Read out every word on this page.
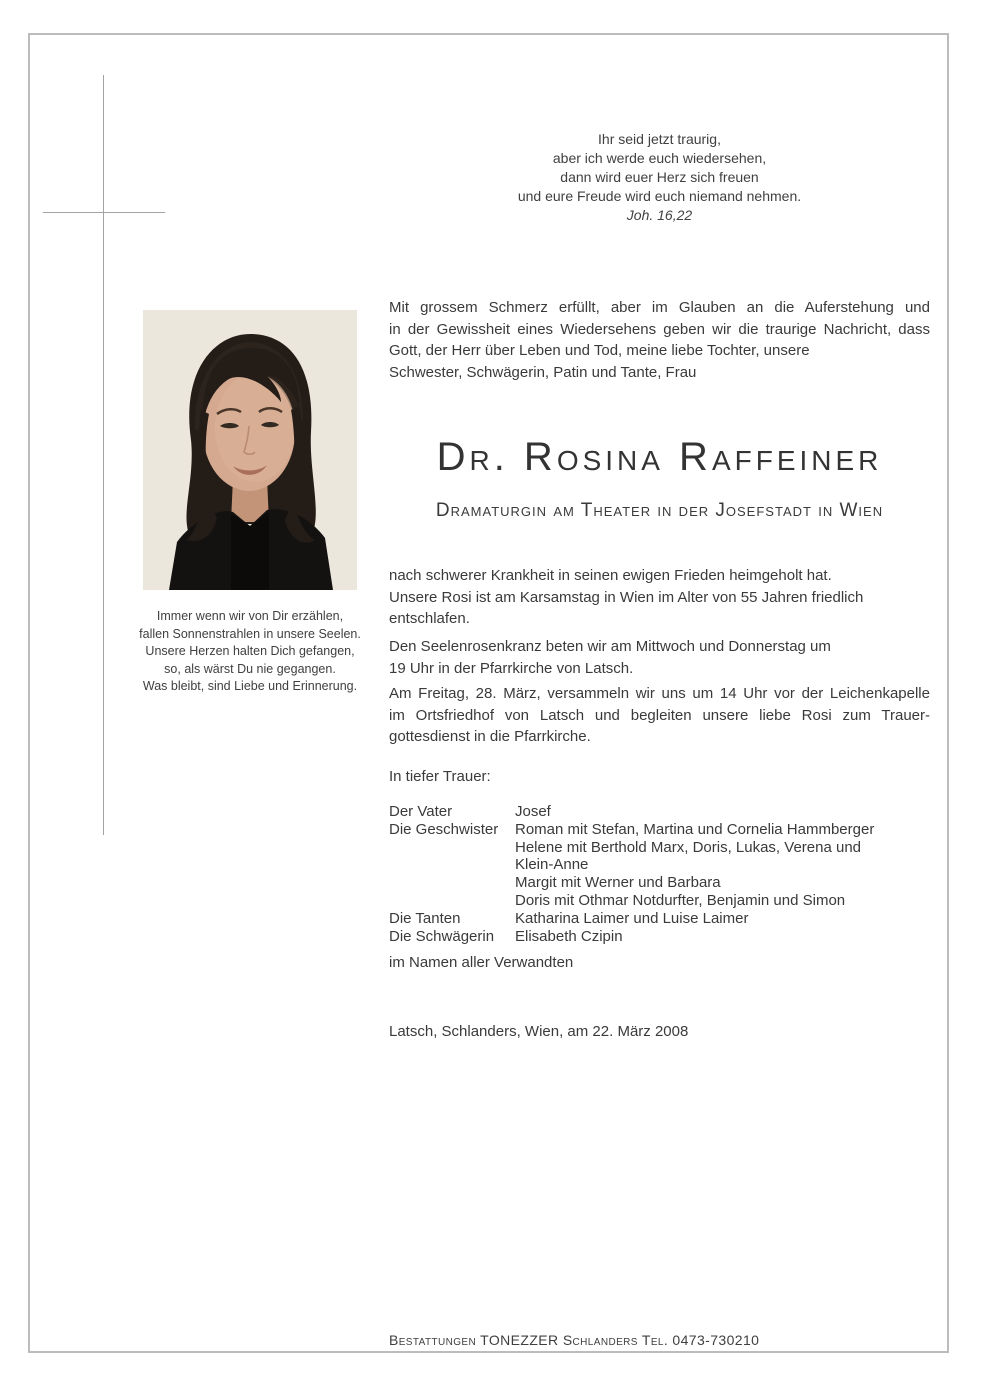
Immer wenn wir von Dir erzählen,
fallen Sonnenstrahlen in unsere Seelen.
Unsere Herzen halten Dich gefangen,
so, als wärst Du nie gegangen.
Was bleibt, sind Liebe und Erinnerung.
Ihr seid jetzt traurig,
aber ich werde euch wiedersehen,
dann wird euer Herz sich freuen
und eure Freude wird euch niemand nehmen.
Joh. 16,22
Mit grossem Schmerz erfüllt, aber im Glauben an die Auferstehung und
in der Gewissheit eines Wiedersehens geben wir die traurige Nachricht, dass
Gott, der Herr über Leben und Tod, meine liebe Tochter, unsere
Schwester, Schwägerin, Patin und Tante, Frau
Dr. Rosina Raffeiner
Dramaturgin am Theater in der Josefstadt in Wien
nach schwerer Krankheit in seinen ewigen Frieden heimgeholt hat.
Unsere Rosi ist am Karsamstag in Wien im Alter von 55 Jahren friedlich
entschlafen.
Den Seelenrosenkranz beten wir am Mittwoch und Donnerstag um
19 Uhr in der Pfarrkirche von Latsch.
Am Freitag, 28. März, versammeln wir uns um 14 Uhr vor der Leichenkapelle
im Ortsfriedhof von Latsch und begleiten unsere liebe Rosi zum Trauer-
gottesdienst in die Pfarrkirche.
In tiefer Trauer:
Der Vater	Josef
Die Geschwister	Roman mit Stefan, Martina und Cornelia Hammberger
Helene mit Berthold Marx, Doris, Lukas, Verena und
Klein-Anne
Margit mit Werner und Barbara
Doris mit Othmar Notdurfter, Benjamin und Simon
Die Tanten	Katharina Laimer und Luise Laimer
Die Schwägerin	Elisabeth Czipin
im Namen aller Verwandten
Latsch, Schlanders, Wien, am 22. März 2008
Bestattungen TONEZZER Schlanders Tel. 0473-730210
